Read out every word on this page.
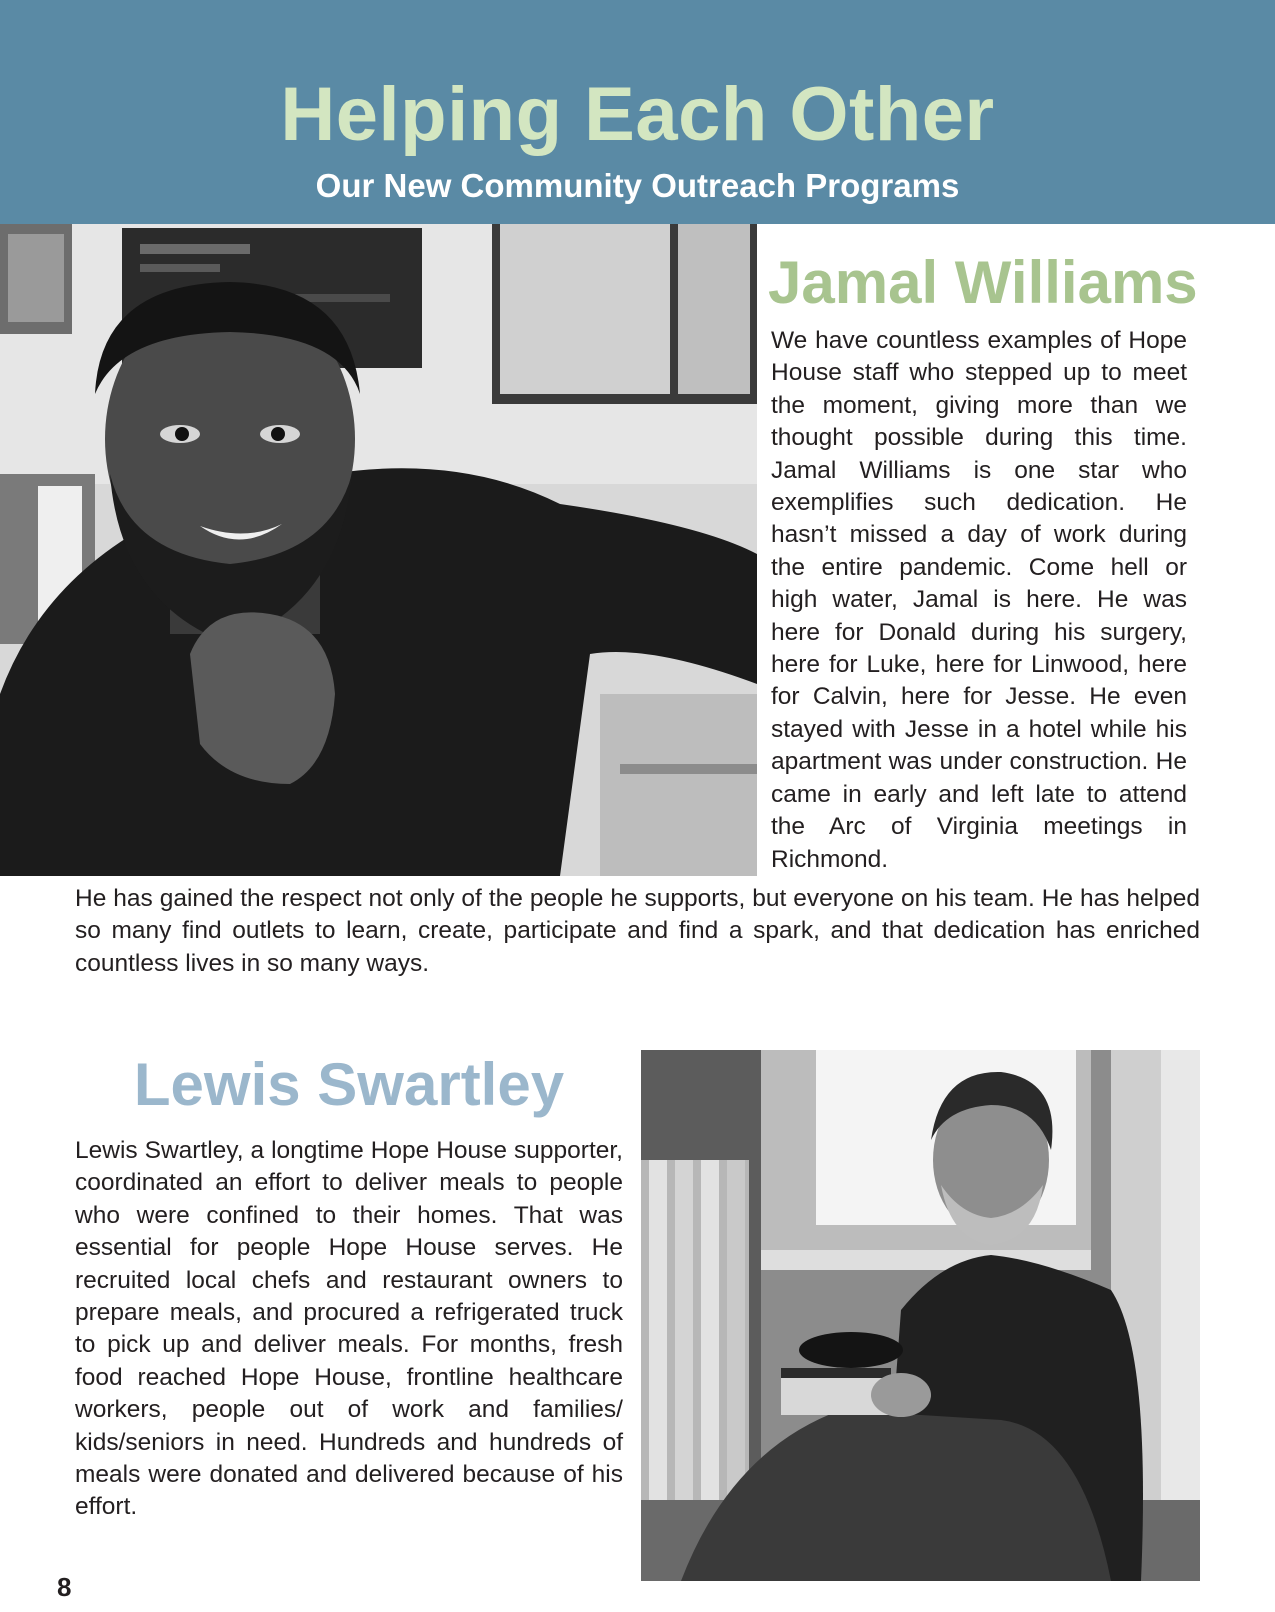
Helping Each Other
Our New Community Outreach Programs
Jamal Williams
We have countless examples of Hope House staff who stepped up to meet the moment, giving more than we thought possible during this time. Jamal Williams is one star who exemplifies such dedication. He hasn’t missed a day of work during the entire pandemic. Come hell or high water, Jamal is here. He was here for Donald during his surgery, here for Luke, here for Linwood, here for Calvin, here for Jesse. He even stayed with Jesse in a hotel while his apartment was under construction. He came in early and left late to attend the Arc of Virginia meetings in Richmond.
He has gained the respect not only of the people he supports, but everyone on his team. He has helped so many find outlets to learn, create, participate and find a spark, and that dedication has enriched countless lives in so many ways.
Lewis Swartley
Lewis Swartley, a longtime Hope House supporter, coordinated an effort to deliver meals to people who were confined to their homes. That was essential for people Hope House serves. He recruited local chefs and restaurant owners to prepare meals, and procured a refrigerated truck to pick up and deliver meals. For months, fresh food reached Hope House, frontline healthcare workers, people out of work and families/ kids/seniors in need. Hundreds and hundreds of meals were donated and delivered because of his effort.
8
